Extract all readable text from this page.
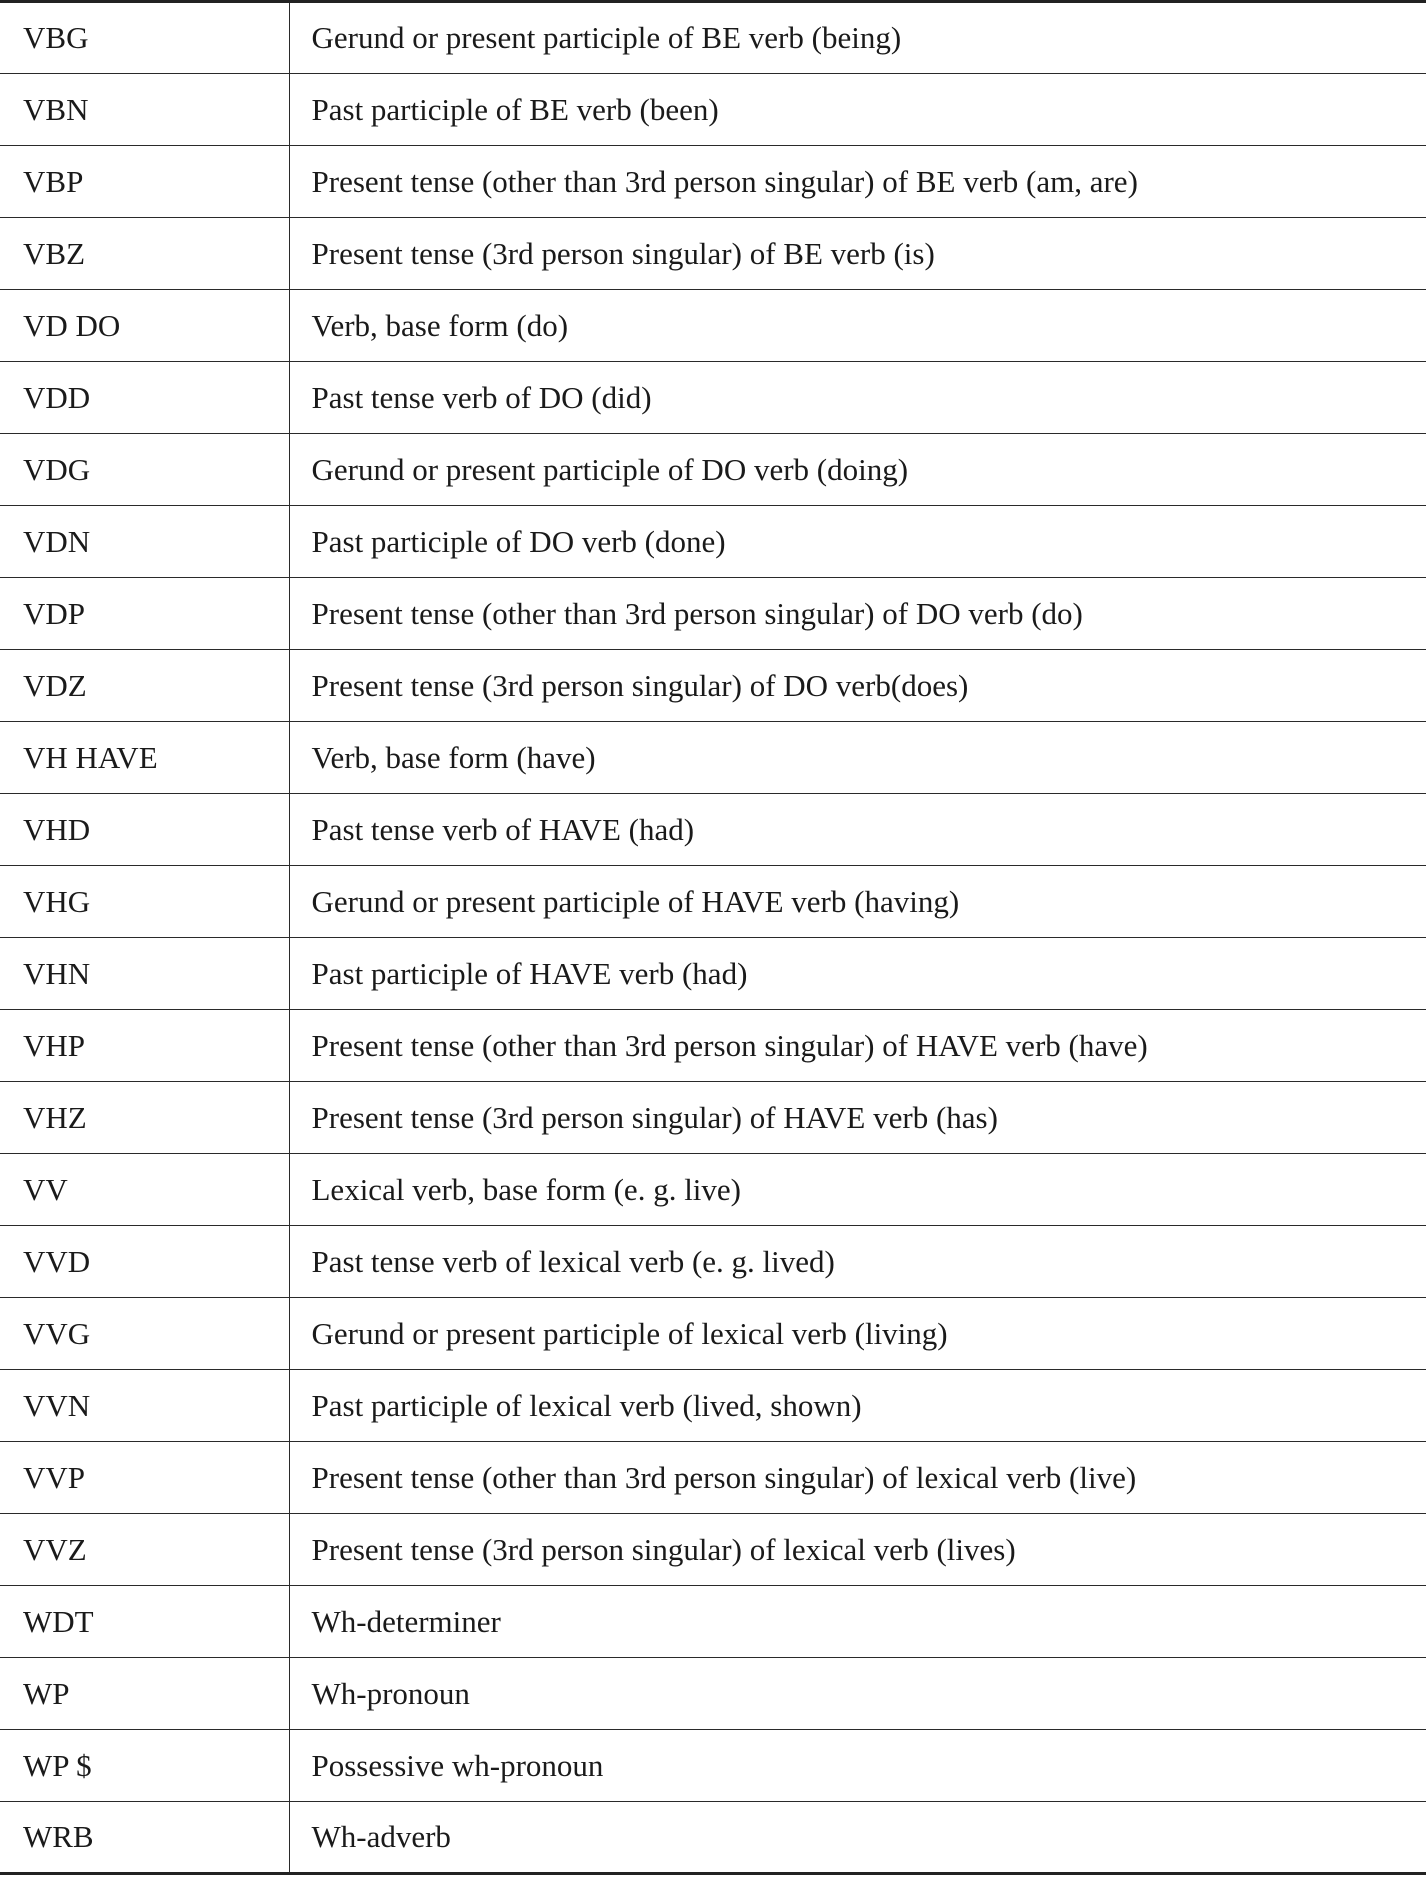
VBG	Gerund or present participle of BE verb (being)
VBN	Past participle of BE verb (been)
VBP	Present tense (other than 3rd person singular) of BE verb (am, are)
VBZ	Present tense (3rd person singular) of BE verb (is)
VD DO	Verb, base form (do)
VDD	Past tense verb of DO (did)
VDG	Gerund or present participle of DO verb (doing)
VDN	Past participle of DO verb (done)
VDP	Present tense (other than 3rd person singular) of DO verb (do)
VDZ	Present tense (3rd person singular) of DO verb(does)
VH HAVE	Verb, base form (have)
VHD	Past tense verb of HAVE (had)
VHG	Gerund or present participle of HAVE verb (having)
VHN	Past participle of HAVE verb (had)
VHP	Present tense (other than 3rd person singular) of HAVE verb (have)
VHZ	Present tense (3rd person singular) of HAVE verb (has)
VV	Lexical verb, base form (e. g. live)
VVD	Past tense verb of lexical verb (e. g. lived)
VVG	Gerund or present participle of lexical verb (living)
VVN	Past participle of lexical verb (lived, shown)
VVP	Present tense (other than 3rd person singular) of lexical verb (live)
VVZ	Present tense (3rd person singular) of lexical verb (lives)
WDT	Wh-determiner
WP	Wh-pronoun
WP $	Possessive wh-pronoun
WRB	Wh-adverb
